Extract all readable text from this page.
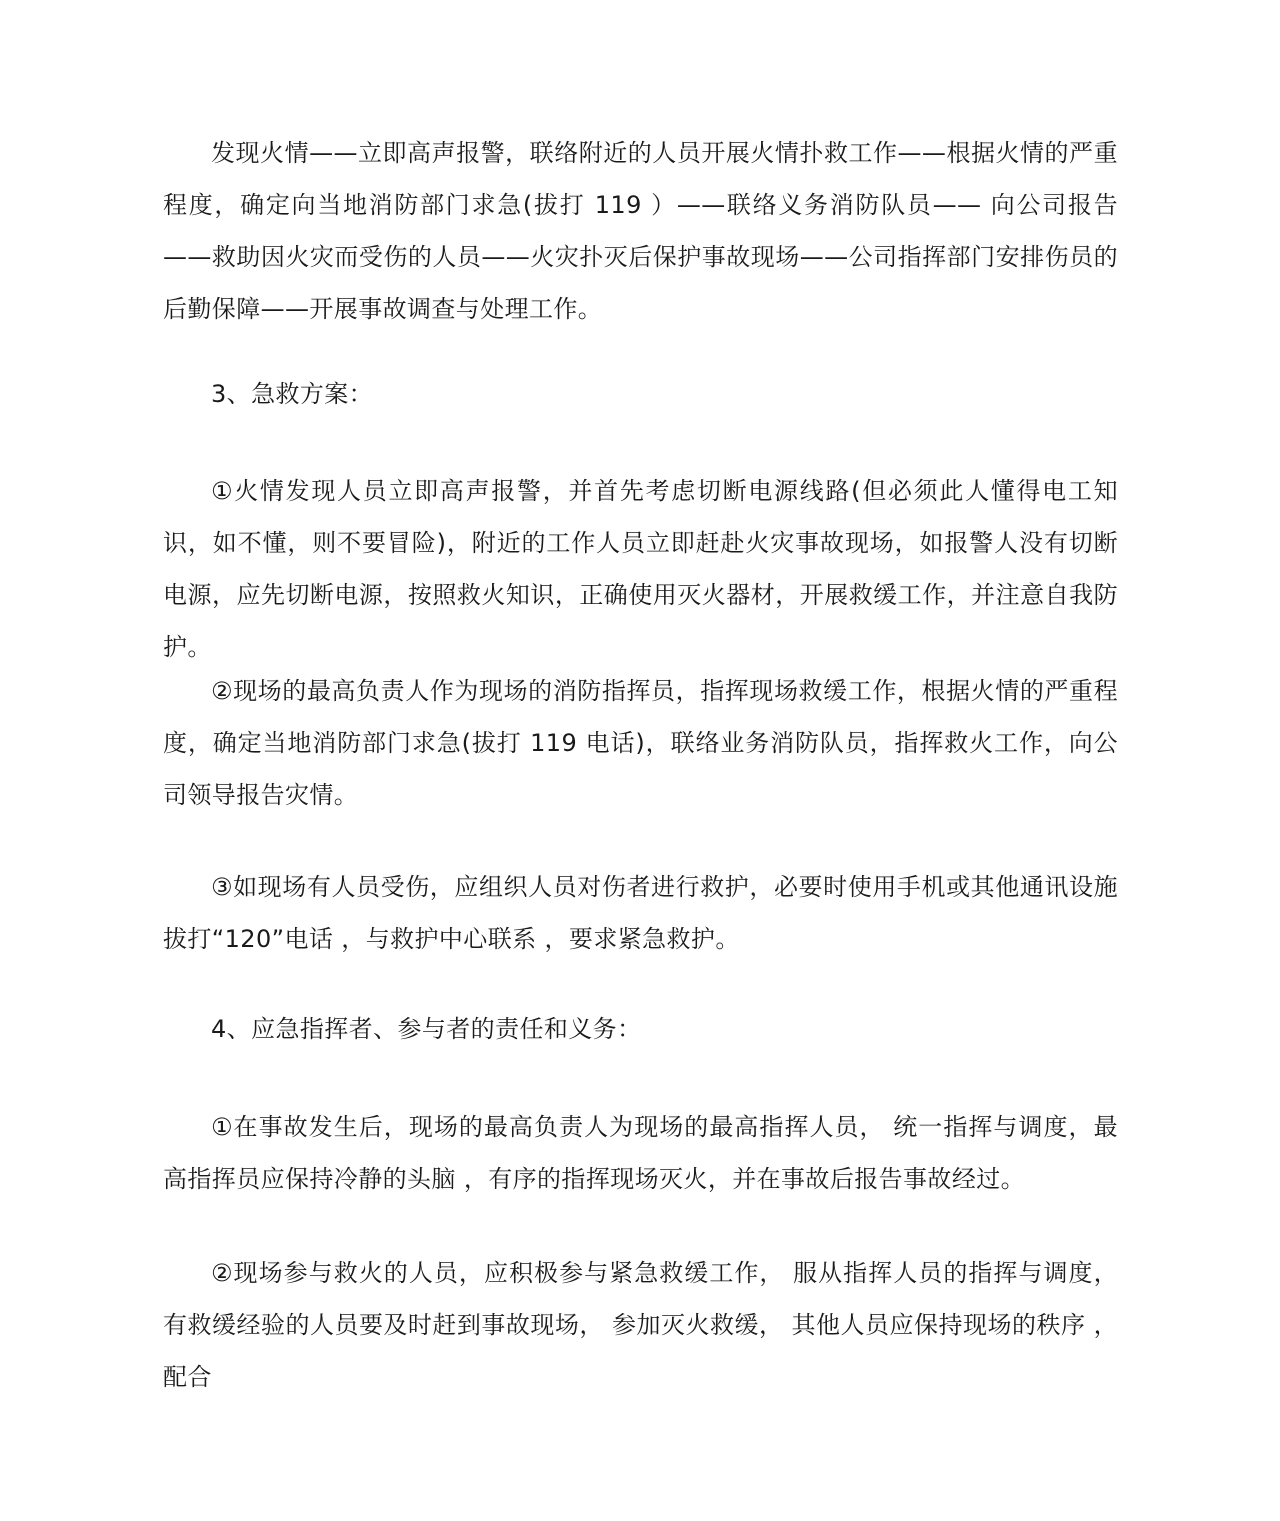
发现火情——立即高声报警，联络附近的人员开展火情扑救工作——根据火情的严重程度，确定向当地消防部门求急(拔打 119 ）——联络义务消防队员—— 向公司报告——救助因火灾而受伤的人员——火灾扑灭后保护事故现场——公司指挥部门安排伤员的后勤保障——开展事故调查与处理工作。

3、急救方案：

①火情发现人员立即高声报警，并首先考虑切断电源线路(但必须此人懂得电工知识，如不懂，则不要冒险)，附近的工作人员立即赶赴火灾事故现场，如报警人没有切断电源，应先切断电源，按照救火知识，正确使用灭火器材，开展救缓工作，并注意自我防护。

②现场的最高负责人作为现场的消防指挥员，指挥现场救缓工作，根据火情的严重程度，确定当地消防部门求急(拔打 119 电话)，联络业务消防队员，指挥救火工作，向公司领导报告灾情。

③如现场有人员受伤，应组织人员对伤者进行救护，必要时使用手机或其他通讯设施拔打“120”电话 ，与救护中心联系 ，要求紧急救护。

4、应急指挥者、参与者的责任和义务：

①在事故发生后，现场的最高负责人为现场的最高指挥人员， 统一指挥与调度，最高指挥员应保持冷静的头脑 ，有序的指挥现场灭火，并在事故后报告事故经过。

②现场参与救火的人员，应积极参与紧急救缓工作， 服从指挥人员的指挥与调度，有救缓经验的人员要及时赶到事故现场， 参加灭火救缓， 其他人员应保持现场的秩序 ，配合
